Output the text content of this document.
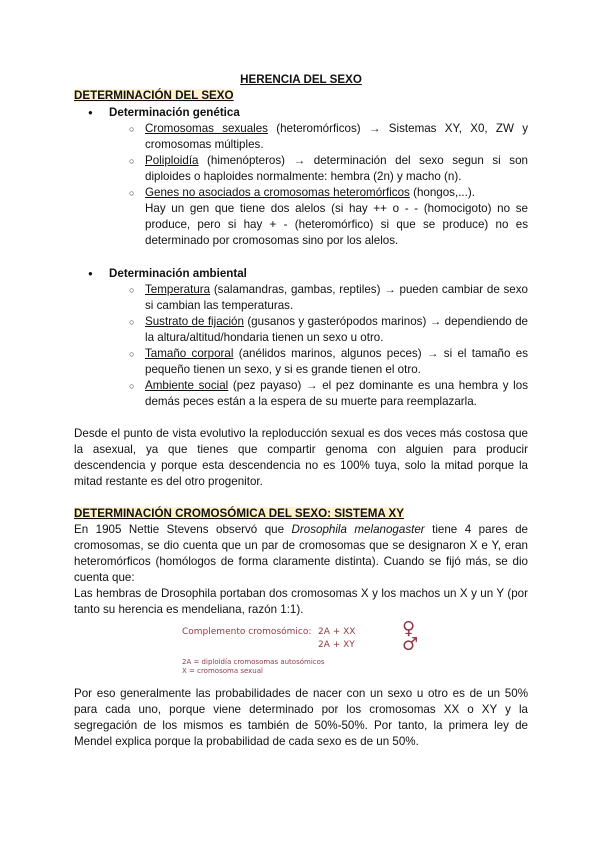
HERENCIA DEL SEXO

DETERMINACIÓN DEL SEXO
● Determinación genética
○ Cromosomas sexuales (heteromórficos) → Sistemas XY, X0, ZW y cromosomas múltiples.
○ Poliploidía (himenópteros) → determinación del sexo segun si son diploides o haploides normalmente: hembra (2n) y macho (n).
○ Genes no asociados a cromosomas heteromórficos (hongos,...).
Hay un gen que tiene dos alelos (si hay ++ o - - (homocigoto) no se produce, pero si hay + - (heteromórfico) si que se produce) no es determinado por cromosomas sino por los alelos.
● Determinación ambiental
○ Temperatura (salamandras, gambas, reptiles) → pueden cambiar de sexo si cambian las temperaturas.
○ Sustrato de fijación (gusanos y gasterópodos marinos) → dependiendo de la altura/altitud/hondaria tienen un sexo u otro.
○ Tamaño corporal (anélidos marinos, algunos peces) → si el tamaño es pequeño tienen un sexo, y si es grande tienen el otro.
○ Ambiente social (pez payaso) → el pez dominante es una hembra y los demás peces están a la espera de su muerte para reemplazarla.

Desde el punto de vista evolutivo la reploducción sexual es dos veces más costosa que la asexual, ya que tienes que compartir genoma con alguien para producir descendencia y porque esta descendencia no es 100% tuya, solo la mitad porque la mitad restante es del otro progenitor.

DETERMINACIÓN CROMOSÓMICA DEL SEXO: SISTEMA XY

En 1905 Nettie Stevens observó que Drosophila melanogaster tiene 4 pares de cromosomas, se dio cuenta que un par de cromosomas que se designaron X e Y, eran heteromórficos (homólogos de forma claramente distinta). Cuando se fijó más, se dio cuenta que:

Las hembras de Drosophila portaban dos cromosomas X y los machos un X y un Y (por tanto su herencia es mendeliana, razón 1:1).

Complemento cromosómico: 2A + XX
2A + XY
♀
♂
2A = diploidía cromosomas autosómicos
X = cromosoma sexual

Por eso generalmente las probabilidades de nacer con un sexo u otro es de un 50% para cada uno, porque viene determinado por los cromosomas XX o XY y la segregación de los mismos es también de 50%-50%. Por tanto, la primera ley de Mendel explica porque la probabilidad de cada sexo es de un 50%.
